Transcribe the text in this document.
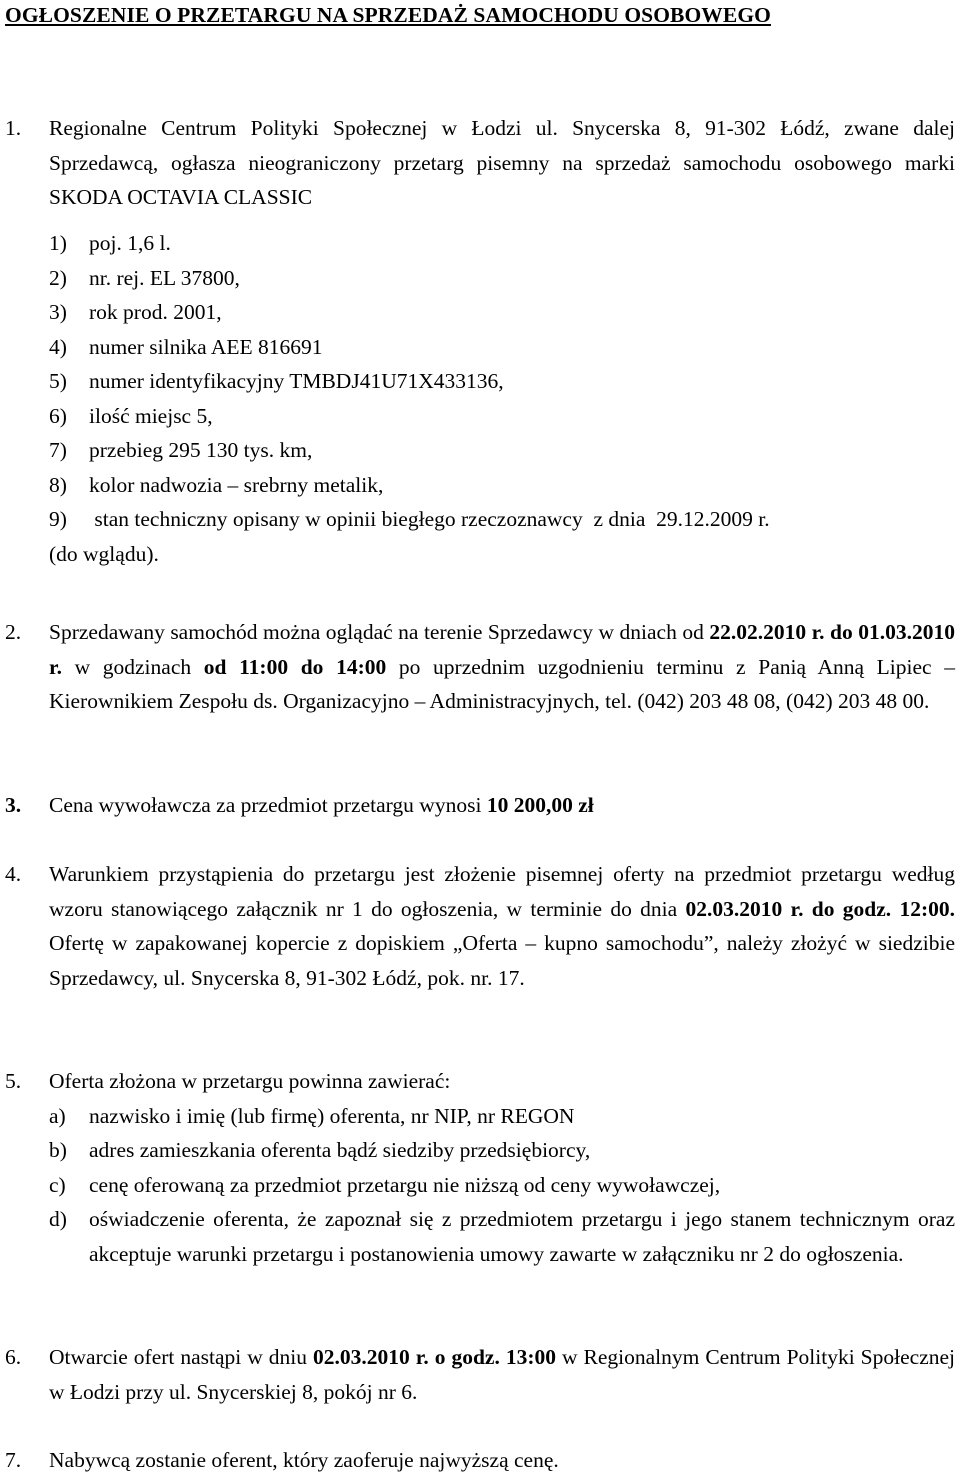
OGŁOSZENIE O PRZETARGU NA SPRZEDAŻ SAMOCHODU OSOBOWEGO
1.	Regionalne Centrum Polityki Społecznej w Łodzi ul. Snycerska 8, 91-302 Łódź, zwane dalej Sprzedawcą, ogłasza nieograniczony przetarg pisemny na sprzedaż samochodu osobowego marki SKODA OCTAVIA CLASSIC
1)	poj. 1,6 l.
2)	nr. rej. EL 37800,
3)	rok prod. 2001,
4)	numer silnika AEE 816691
5)	numer identyfikacyjny TMBDJ41U71X433136,
6)	ilość miejsc 5,
7)	przebieg 295 130 tys. km,
8)	kolor nadwozia – srebrny metalik,
9)	stan techniczny opisany w opinii biegłego rzeczoznawcy  z dnia  29.12.2009 r.
(do wglądu).
2.	Sprzedawany samochód można oglądać na terenie Sprzedawcy w dniach od 22.02.2010 r. do 01.03.2010 r. w godzinach od 11:00 do 14:00 po uprzednim uzgodnieniu terminu z Panią Anną Lipiec – Kierownikiem Zespołu ds. Organizacyjno – Administracyjnych, tel. (042) 203 48 08, (042) 203 48 00.
3.	Cena wywoławcza za przedmiot przetargu wynosi 10 200,00 zł
4.	Warunkiem przystąpienia do przetargu jest złożenie pisemnej oferty na przedmiot przetargu według wzoru stanowiącego załącznik nr 1 do ogłoszenia, w terminie do dnia 02.03.2010 r. do godz. 12:00. Ofertę w zapakowanej kopercie z dopiskiem „Oferta – kupno samochodu”, należy złożyć w siedzibie Sprzedawcy, ul. Snycerska 8, 91-302 Łódź, pok. nr. 17.
5.	Oferta złożona w przetargu powinna zawierać:
a)	nazwisko i imię (lub firmę) oferenta, nr NIP, nr REGON
b)	adres zamieszkania oferenta bądź siedziby przedsiębiorcy,
c)	cenę oferowaną za przedmiot przetargu nie niższą od ceny wywoławczej,
d)	oświadczenie oferenta, że zapoznał się z przedmiotem przetargu i jego stanem technicznym oraz akceptuje warunki przetargu i postanowienia umowy zawarte w załączniku nr 2 do ogłoszenia.
6.	Otwarcie ofert nastąpi w dniu 02.03.2010 r. o godz. 13:00 w Regionalnym Centrum Polityki Społecznej w Łodzi przy ul. Snycerskiej 8, pokój nr 6.
7.	Nabywcą zostanie oferent, który zaoferuje najwyższą cenę.
